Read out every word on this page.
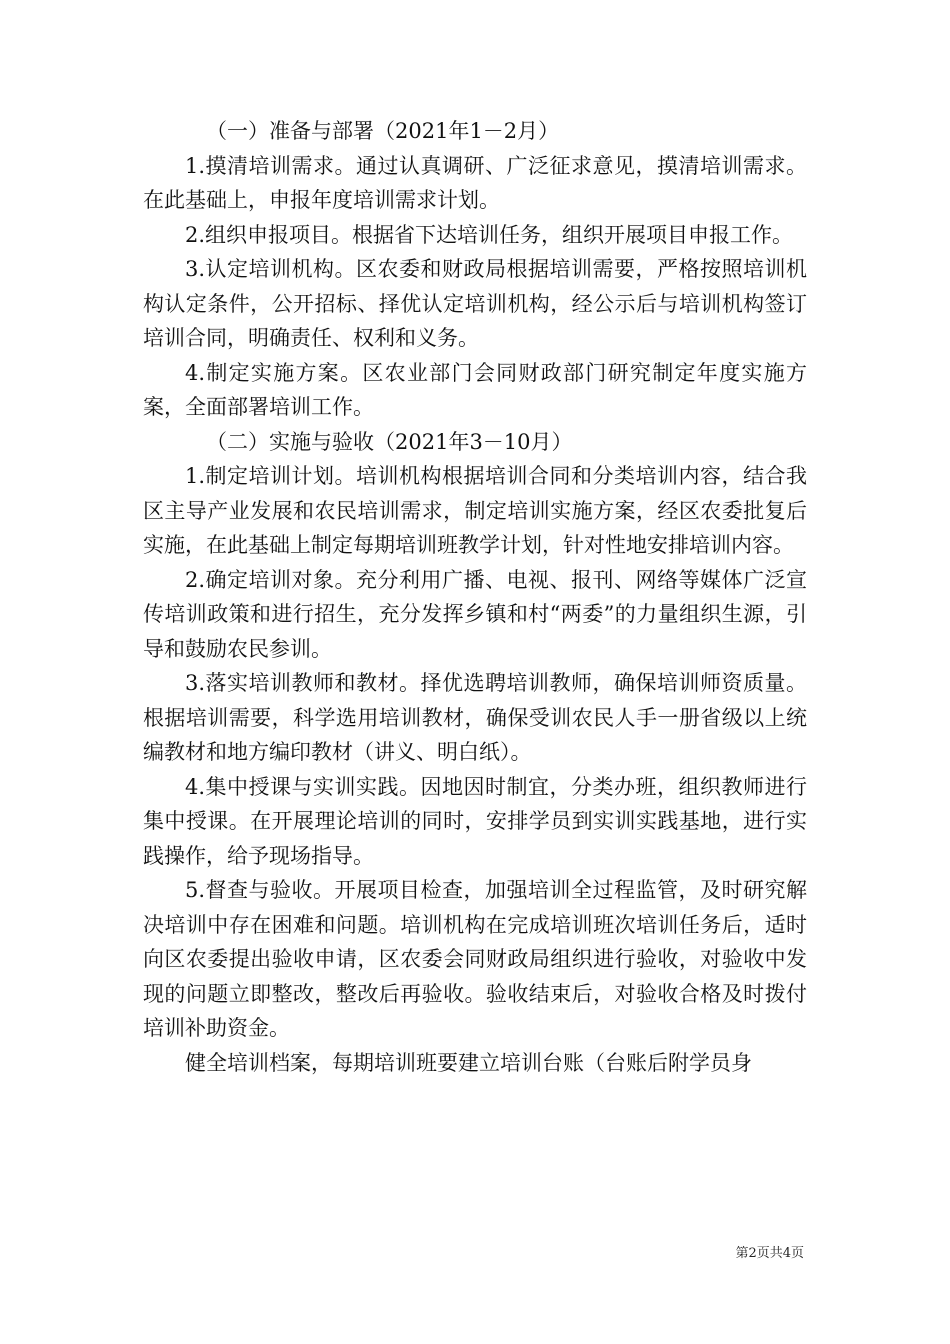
（一）准备与部署（2021年1－2月）

1.摸清培训需求。通过认真调研、广泛征求意见，摸清培训需求。在此基础上，申报年度培训需求计划。

2.组织申报项目。根据省下达培训任务，组织开展项目申报工作。

3.认定培训机构。区农委和财政局根据培训需要，严格按照培训机构认定条件，公开招标、择优认定培训机构，经公示后与培训机构签订培训合同，明确责任、权利和义务。

4.制定实施方案。区农业部门会同财政部门研究制定年度实施方案，全面部署培训工作。

（二）实施与验收（2021年3－10月）

1.制定培训计划。培训机构根据培训合同和分类培训内容，结合我区主导产业发展和农民培训需求，制定培训实施方案，经区农委批复后实施，在此基础上制定每期培训班教学计划，针对性地安排培训内容。

2.确定培训对象。充分利用广播、电视、报刊、网络等媒体广泛宣传培训政策和进行招生，充分发挥乡镇和村“两委”的力量组织生源，引导和鼓励农民参训。

3.落实培训教师和教材。择优选聘培训教师，确保培训师资质量。根据培训需要，科学选用培训教材，确保受训农民人手一册省级以上统编教材和地方编印教材（讲义、明白纸）。

4.集中授课与实训实践。因地因时制宜，分类办班，组织教师进行集中授课。在开展理论培训的同时，安排学员到实训实践基地，进行实践操作，给予现场指导。

5.督查与验收。开展项目检查，加强培训全过程监管，及时研究解决培训中存在困难和问题。培训机构在完成培训班次培训任务后，适时向区农委提出验收申请，区农委会同财政局组织进行验收，对验收中发现的问题立即整改，整改后再验收。验收结束后，对验收合格及时拨付培训补助资金。

健全培训档案，每期培训班要建立培训台账（台账后附学员身

第2页共4页
